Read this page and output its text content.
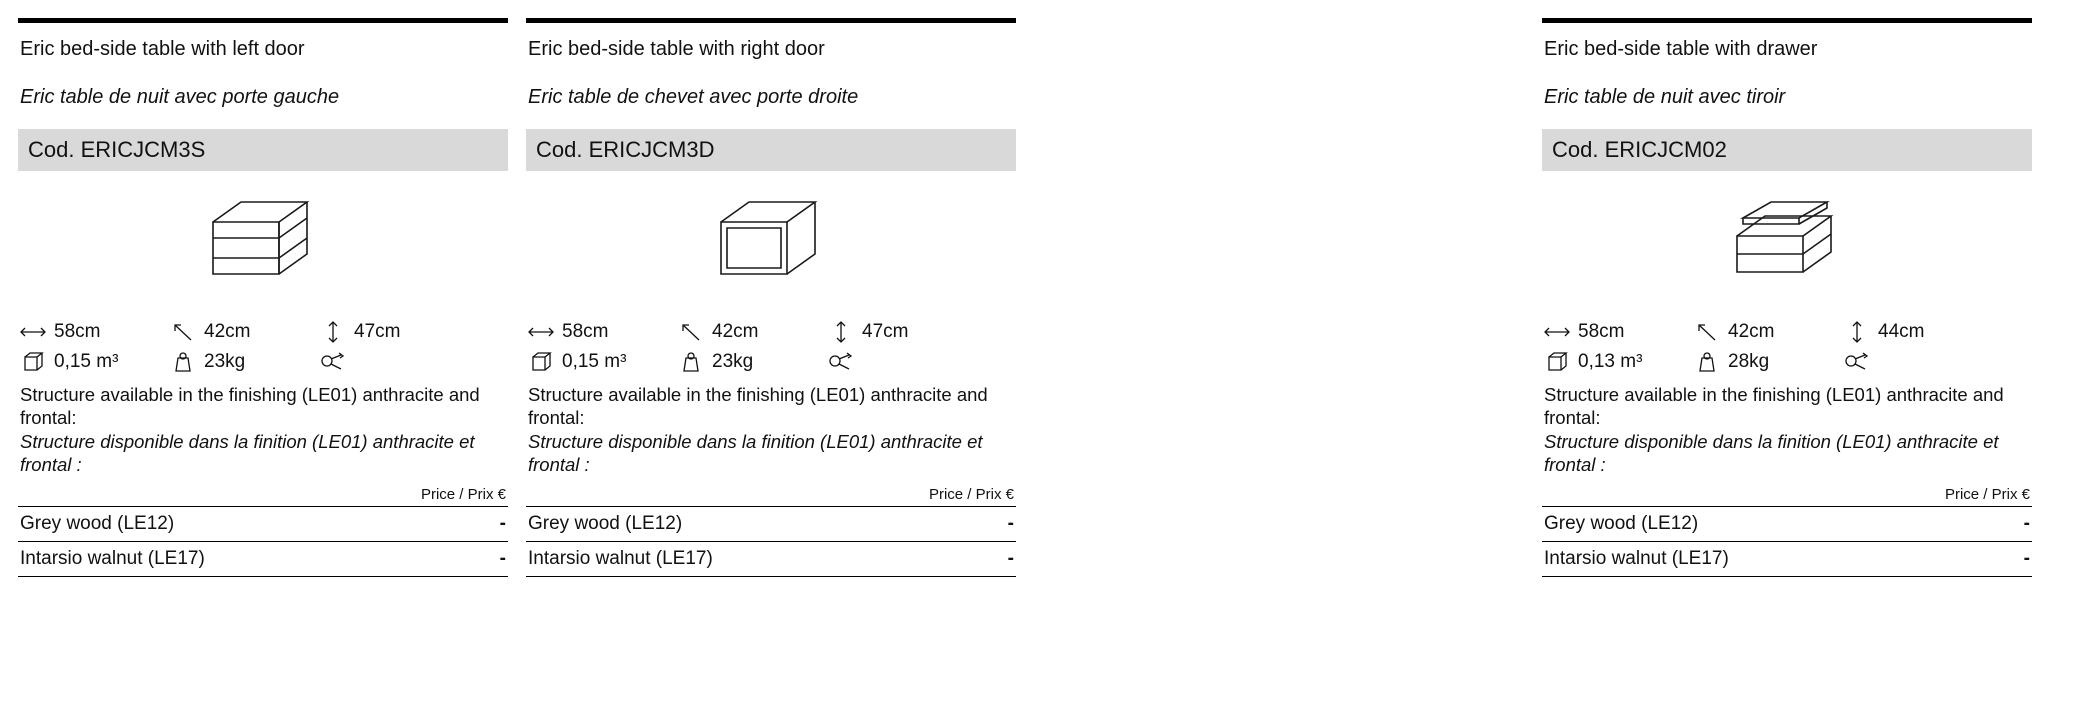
Eric bed-side table with left door
Eric table de nuit avec porte gauche
Cod. ERICJCM3S
58cm	42cm	47cm
0,15 m³	23kg
Structure available in the finishing (LE01) anthracite and frontal:
Structure disponible dans la finition (LE01) anthracite et frontal :
Price / Prix €
Grey wood (LE12)	-
Intarsio walnut (LE17)	-
Eric bed-side table with right door
Eric table de chevet avec porte droite
Cod. ERICJCM3D
58cm	42cm	47cm
0,15 m³	23kg
Structure available in the finishing (LE01) anthracite and frontal:
Structure disponible dans la finition (LE01) anthracite et frontal :
Price / Prix €
Grey wood (LE12)	-
Intarsio walnut (LE17)	-
Eric bed-side table with drawer
Eric table de nuit avec tiroir
Cod. ERICJCM02
58cm	42cm	44cm
0,13 m³	28kg
Structure available in the finishing (LE01) anthracite and frontal:
Structure disponible dans la finition (LE01) anthracite et frontal :
Price / Prix €
Grey wood (LE12)	-
Intarsio walnut (LE17)	-
